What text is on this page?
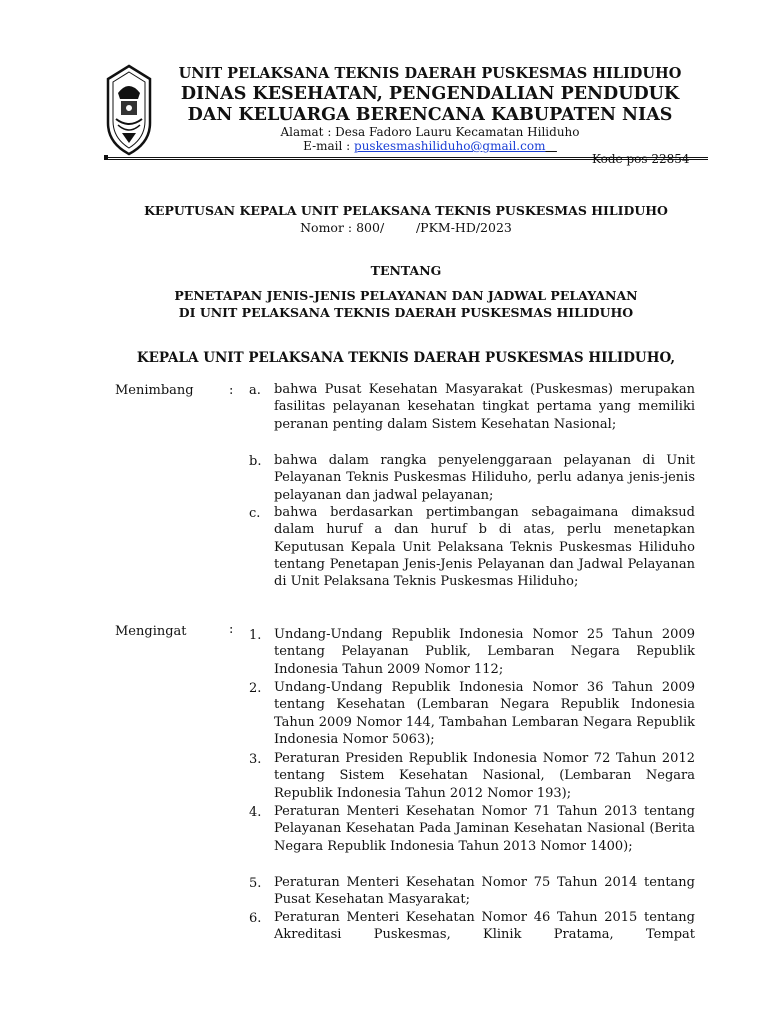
UNIT PELAKSANA TEKNIS DAERAH PUSKESMAS HILIDUHO
DINAS KESEHATAN, PENGENDALIAN PENDUDUK
DAN KELUARGA BERENCANA KABUPATEN NIAS
Alamat : Desa Fadoro Lauru Kecamatan Hiliduho
E-mail : puskesmashiliduho@gmail.com
Kode pos 22854
KEPUTUSAN KEPALA UNIT PELAKSANA TEKNIS PUSKESMAS HILIDUHO
Nomor : 800/        /PKM-HD/2023
TENTANG
PENETAPAN JENIS-JENIS PELAYANAN DAN JADWAL PELAYANAN
DI UNIT PELAKSANA TEKNIS DAERAH PUSKESMAS HILIDUHO
KEPALA UNIT PELAKSANA TEKNIS DAERAH PUSKESMAS HILIDUHO,
Menimbang	: a. bahwa Pusat Kesehatan Masyarakat (Puskesmas) merupakan fasilitas pelayanan kesehatan tingkat pertama yang memiliki peranan penting dalam Sistem Kesehatan Nasional;
b. bahwa dalam rangka penyelenggaraan pelayanan di Unit Pelayanan Teknis Puskesmas Hiliduho, perlu adanya jenis-jenis pelayanan dan jadwal pelayanan;
c. bahwa berdasarkan pertimbangan sebagaimana dimaksud dalam huruf a dan huruf b di atas, perlu menetapkan Keputusan Kepala Unit Pelaksana Teknis Puskesmas Hiliduho tentang Penetapan Jenis-Jenis Pelayanan dan Jadwal Pelayanan di Unit Pelaksana Teknis Puskesmas Hiliduho;
Mengingat	: 1. Undang-Undang Republik Indonesia Nomor 25 Tahun 2009 tentang Pelayanan Publik, Lembaran Negara Republik Indonesia Tahun 2009 Nomor 112;
2. Undang-Undang Republik Indonesia Nomor 36 Tahun 2009 tentang Kesehatan (Lembaran Negara Republik Indonesia Tahun 2009 Nomor 144, Tambahan Lembaran Negara Republik Indonesia Nomor 5063);
3. Peraturan Presiden Republik Indonesia Nomor 72 Tahun 2012 tentang Sistem Kesehatan Nasional, (Lembaran Negara Republik Indonesia Tahun 2012 Nomor 193);
4. Peraturan Menteri Kesehatan Nomor 71 Tahun 2013 tentang Pelayanan Kesehatan Pada Jaminan Kesehatan Nasional (Berita Negara Republik Indonesia Tahun 2013 Nomor 1400);
5. Peraturan Menteri Kesehatan Nomor 75 Tahun 2014 tentang Pusat Kesehatan Masyarakat;
6. Peraturan Menteri Kesehatan Nomor 46 Tahun 2015 tentang Akreditasi Puskesmas, Klinik Pratama, Tempat
